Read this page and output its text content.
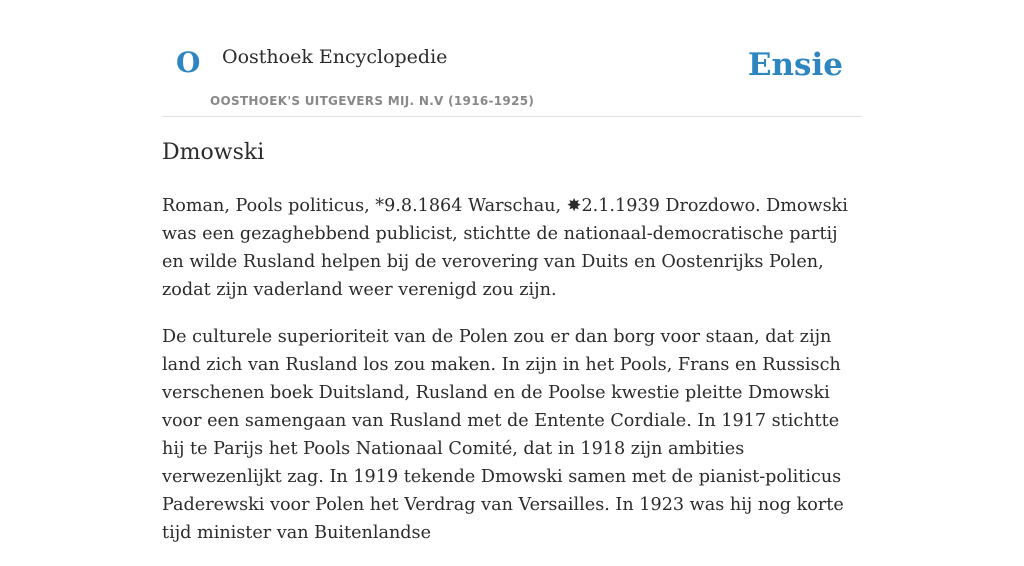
O Oosthoek Encyclopedie
OOSTHOEK'S UITGEVERS MIJ. N.V (1916-1925)
Ensie
Dmowski

Roman, Pools politicus, *9.8.1864 Warschau, ✸2.1.1939 Drozdowo. Dmowski was een gezaghebbend publicist, stichtte de nationaal-democratische partij en wilde Rusland helpen bij de verovering van Duits en Oostenrijks Polen, zodat zijn vaderland weer verenigd zou zijn.

De culturele superioriteit van de Polen zou er dan borg voor staan, dat zijn land zich van Rusland los zou maken. In zijn in het Pools, Frans en Russisch verschenen boek Duitsland, Rusland en de Poolse kwestie pleitte Dmowski voor een samengaan van Rusland met de Entente Cordiale. In 1917 stichtte hij te Parijs het Pools Nationaal Comité, dat in 1918 zijn ambities verwezenlijkt zag. In 1919 tekende Dmowski samen met de pianist-politicus Paderewski voor Polen het Verdrag van Versailles. In 1923 was hij nog korte tijd minister van Buitenlandse
